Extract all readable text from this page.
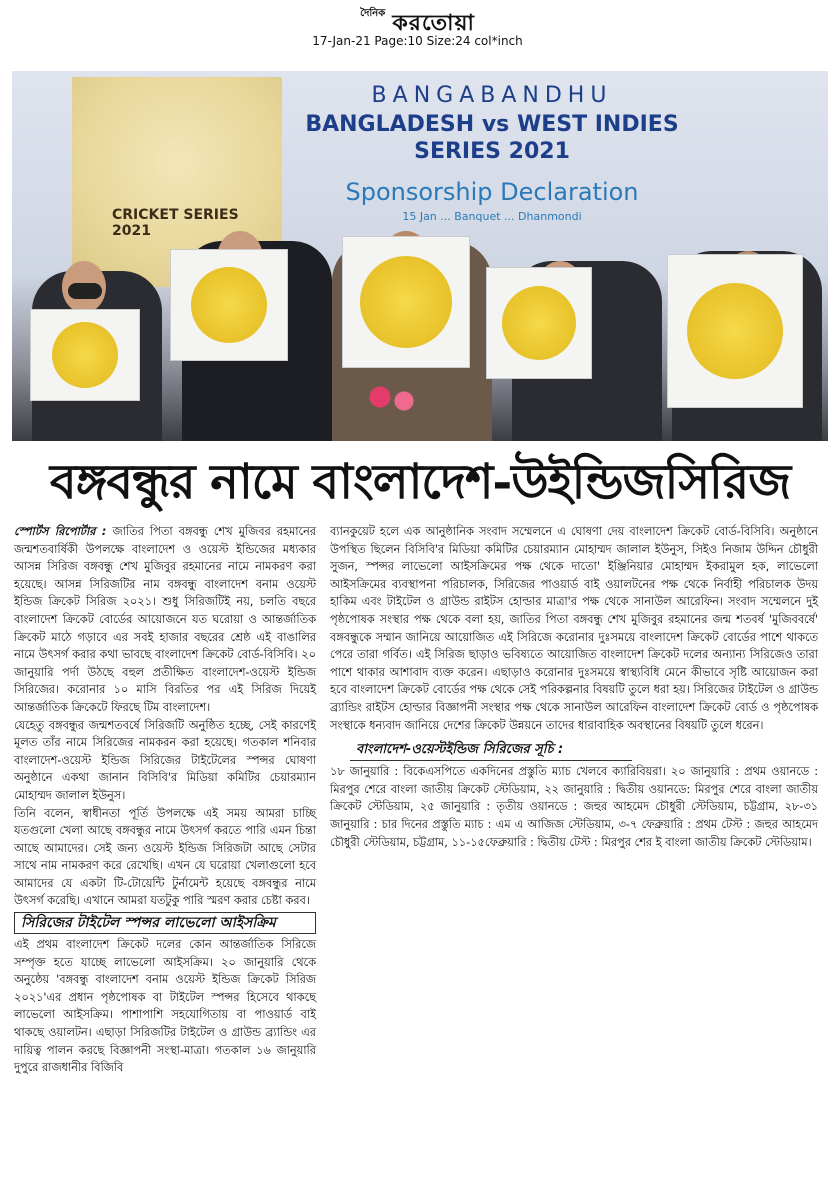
দৈনিক করতোয়া
17-Jan-21 Page:10 Size:24 col*inch
CRICKET SERIES 2021
BANGABANDHU
BANGLADESH vs WEST INDIES
SERIES 2021
Sponsorship Declaration
15 Jan ... Banquet ... Dhanmondi
বঙ্গবন্ধুর নামে বাংলাদেশ-উইন্ডিজসিরিজ

স্পোর্টস রিপোর্টার : জাতির পিতা বঙ্গবন্ধু শেখ মুজিবর রহমানের জন্মশতবার্ষিকী উপলক্ষে বাংলাদেশ ও ওয়েস্ট ইন্ডিজের মধ্যকার আসন্ন সিরিজ বঙ্গবন্ধু শেখ মুজিবুর রহমানের নামে নামকরণ করা হয়েছে। আসন্ন সিরিজটির নাম বঙ্গবন্ধু বাংলাদেশ বনাম ওয়েস্ট ইন্ডিজ ক্রিকেট সিরিজ ২০২১। শুধু সিরিজটিই নয়, চলতি বছরে বাংলাদেশ ক্রিকেট বোর্ডের আয়োজনে যত ঘরোয়া ও আন্তর্জাতিক ক্রিকেট মাঠে গড়াবে এর সবই হাজার বছরের শ্রেষ্ঠ এই বাঙালির নামে উৎসর্গ করার কথা ভাবছে বাংলাদেশ ক্রিকেট বোর্ড-বিসিবি। ২০ জানুয়ারি পর্দা উঠছে বহুল প্রতীক্ষিত বাংলাদেশ-ওয়েস্ট ইন্ডিজ সিরিজের। করোনার ১০ মাসি বিরতির পর এই সিরিজ দিয়েই আন্তর্জাতিক ক্রিকেটে ফিরছে টিম বাংলাদেশ।

যেহেতু বঙ্গবন্ধুর জন্মশতবর্ষে সিরিজটি অনুষ্ঠিত হচ্ছে, সেই কারণেই মূলত তাঁর নামে সিরিজের নামকরন করা হয়েছে। গতকাল শনিবার বাংলাদেশ-ওয়েস্ট ইন্ডিজ সিরিজের টাইটেলের স্পন্সর ঘোষণা অনুষ্ঠানে একথা জানান বিসিবি'র মিডিয়া কমিটির চেয়ারম্যান মোহাম্মদ জালাল ইউনুস।

তিনি বলেন, স্বাধীনতা পূর্তি উপলক্ষে এই সময় আমরা চাচ্ছি যতগুলো খেলা আছে বঙ্গবন্ধুর নামে উৎসর্গ করতে পারি এমন চিন্তা আছে আমাদের। সেই জন্য ওয়েস্ট ইন্ডিজ সিরিজটা আছে সেটার সাথে নাম নামকরণ করে রেখেছি। এখন যে ঘরোয়া খেলাগুলো হবে আমাদের যে একটা টি-টোয়েন্টি টুর্নামেন্ট হয়েছে বঙ্গবন্ধুর নামে উৎসর্গ করেছি। এখানে আমরা যতটুকু পারি স্মরণ করার চেষ্টা করব।

সিরিজের টাইটেল স্পন্সর লাভেলো আইসক্রিম

এই প্রথম বাংলাদেশ ক্রিকেট দলের কোন আন্তর্জাতিক সিরিজে সম্পৃক্ত হতে যাচ্ছে লাভেলো আইসক্রিম। ২০ জানুয়ারি থেকে অনুষ্ঠেয় 'বঙ্গবন্ধু বাংলাদেশ বনাম ওয়েস্ট ইন্ডিজ ক্রিকেট সিরিজ ২০২১'এর প্রধান পৃষ্ঠপোষক বা টাইটেল স্পন্সর হিসেবে থাকছে লাভেলো আইসক্রিম। পাশাপাশি সহযোগিতায় বা পাওয়ার্ড বাই থাকছে ওয়ালটন। এছাড়া সিরিজটির টাইটেল ও গ্রাউন্ড ব্র্যান্ডিং এর দায়িত্ব পালন করছে বিজ্ঞাপনী সংস্থা-মাত্রা। গতকাল ১৬ জানুয়ারি দুপুরে রাজধানীর বিজিবি

ব্যানকুয়েট হলে এক আনুষ্ঠানিক সংবাদ সম্মেলনে এ ঘোষণা দেয় বাংলাদেশ ক্রিকেট বোর্ড-বিসিবি। অনুষ্ঠানে উপস্থিত ছিলেন বিসিবি'র মিডিয়া কমিটির চেয়ারম্যান মোহাম্মদ জালাল ইউনুস, সিইও নিজাম উদ্দিন চৌধুরী সুজন, স্পন্সর লাভেলো আইসক্রিমের পক্ষ থেকে দাতো' ইঞ্জিনিয়ার মোহাম্মদ ইকরামুল হক, লাভেলো আইসক্রিমের ব্যবস্থাপনা পরিচালক, সিরিজের পাওয়ার্ড বাই ওয়ালটনের পক্ষ থেকে নির্বাহী পরিচালক উদয় হাকিম এবং টাইটেল ও গ্রাউন্ড রাইটস হোল্ডার মাত্রা'র পক্ষ থেকে সানাউল আরেফিন। সংবাদ সম্মেলনে দুই পৃষ্ঠপোষক সংস্থার পক্ষ থেকে বলা হয়, জাতির পিতা বঙ্গবন্ধু শেখ মুজিবুর রহমানের জন্ম শতবর্ষ 'মুজিববর্ষে' বঙ্গবন্ধুকে সম্মান জানিয়ে আয়োজিত এই সিরিজে করোনার দুঃসময়ে বাংলাদেশ ক্রিকেট বোর্ডের পাশে থাকতে পেরে তারা গর্বিত। এই সিরিজ ছাড়াও ভবিষ্যতে আয়োজিত বাংলাদেশ ক্রিকেট দলের অন্যান্য সিরিজেও তারা পাশে থাকার আশাবাদ ব্যক্ত করেন। এছাড়াও করোনার দুঃসময়ে স্বাস্থ্যবিধি মেনে কীভাবে সৃষ্টি আয়োজন করা হবে বাংলাদেশ ক্রিকেট বোর্ডের পক্ষ থেকে সেই পরিকল্পনার বিষয়টি তুলে ধরা হয়। সিরিজের টাইটেল ও গ্রাউন্ড ব্র্যান্ডিং রাইটস হোল্ডার বিজ্ঞাপনী সংস্থার পক্ষ থেকে সানাউল আরেফিন বাংলাদেশ ক্রিকেট বোর্ড ও পৃষ্ঠপোষক সংস্থাকে ধন্যবাদ জানিয়ে দেশের ক্রিকেট উন্নয়নে তাদের ধারাবাহিক অবস্থানের বিষয়টি তুলে ধরেন।

বাংলাদেশ-ওয়েস্টইন্ডিজ সিরিজের সূচি :

১৮ জানুয়ারি : বিকেএসপিতে একদিনের প্রস্তুতি ম্যাচ খেলবে ক্যারিবিয়রা। ২০ জানুয়ারি : প্রথম ওয়ানডে : মিরপুর শেরে বাংলা জাতীয় ক্রিকেট স্টেডিয়াম, ২২ জানুয়ারি : দ্বিতীয় ওয়ানডে: মিরপুর শেরে বাংলা জাতীয় ক্রিকেট স্টেডিয়াম, ২৫ জানুয়ারি : তৃতীয় ওয়ানডে : জহুর আহমেদ চৌধুরী স্টেডিয়াম, চট্টগ্রাম, ২৮-৩১ জানুয়ারি : চার দিনের প্রস্তুতি ম্যাচ : এম এ আজিজ স্টেডিয়াম, ৩-৭ ফেব্রুয়ারি : প্রথম টেস্ট : জহুর আহমেদ চৌধুরী স্টেডিয়াম, চট্টগ্রাম, ১১-১৫ফেব্রুয়ারি : দ্বিতীয় টেস্ট : মিরপুর শের ই বাংলা জাতীয় ক্রিকেট স্টেডিয়াম।
